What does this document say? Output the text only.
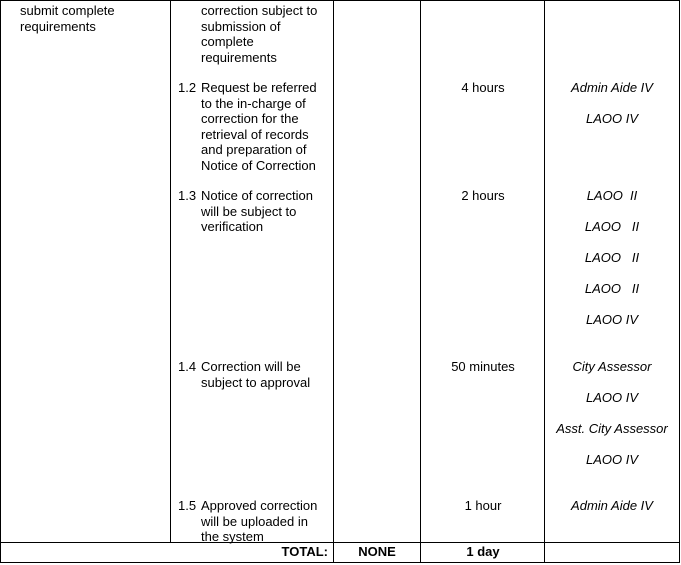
submit complete requirements
correction subject to submission of complete requirements
1.2 Request be referred to the in-charge of correction for the retrieval of records and preparation of Notice of Correction
1.3 Notice of correction will be subject to verification
1.4 Correction will be subject to approval
1.5 Approved correction will be uploaded in the system
4 hours
2 hours
50 minutes
1 hour
Admin Aide IV
LAOO IV
LAOO  II
LAOO   II
LAOO   II
LAOO   II
LAOO IV
City Assessor
LAOO IV
Asst. City Assessor
LAOO IV
Admin Aide IV
TOTAL:	NONE	1 day
